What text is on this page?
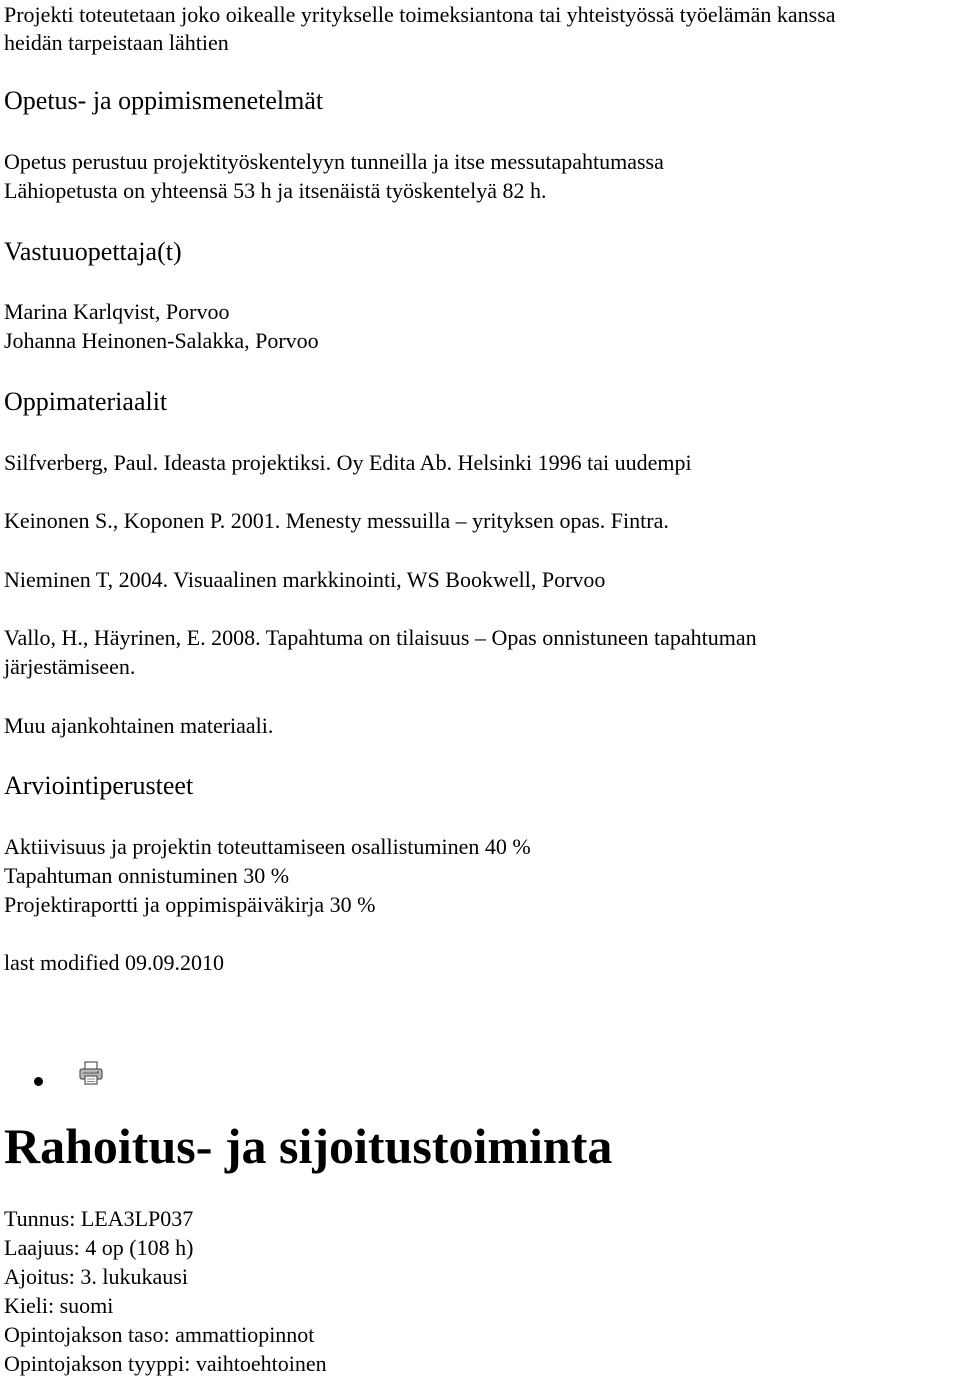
Projekti toteutetaan joko oikealle yritykselle toimeksiantona tai yhteistyössä työelämän kanssa
heidän tarpeistaan lähtien
Opetus- ja oppimismenetelmät
Opetus perustuu projektityöskentelyyn tunneilla ja itse messutapahtumassa
Lähiopetusta on yhteensä 53 h ja itsenäistä työskentelyä 82 h.
Vastuuopettaja(t)
Marina Karlqvist, Porvoo
Johanna Heinonen-Salakka, Porvoo
Oppimateriaalit
Silfverberg, Paul. Ideasta projektiksi. Oy Edita Ab. Helsinki 1996 tai uudempi
Keinonen S., Koponen P. 2001. Menesty messuilla – yrityksen opas. Fintra.
Nieminen T, 2004. Visuaalinen markkinointi, WS Bookwell, Porvoo
Vallo, H., Häyrinen, E. 2008. Tapahtuma on tilaisuus – Opas onnistuneen tapahtuman
järjestämiseen.
Muu ajankohtainen materiaali.
Arviointiperusteet
Aktiivisuus ja projektin toteuttamiseen osallistuminen 40 %
Tapahtuman onnistuminen 30 %
Projektiraportti ja oppimispäiväkirja 30 %
last modified 09.09.2010
Rahoitus- ja sijoitustoiminta
Tunnus: LEA3LP037
Laajuus: 4 op (108 h)
Ajoitus: 3. lukukausi
Kieli: suomi
Opintojakson taso: ammattiopinnot
Opintojakson tyyppi: vaihtoehtoinen
